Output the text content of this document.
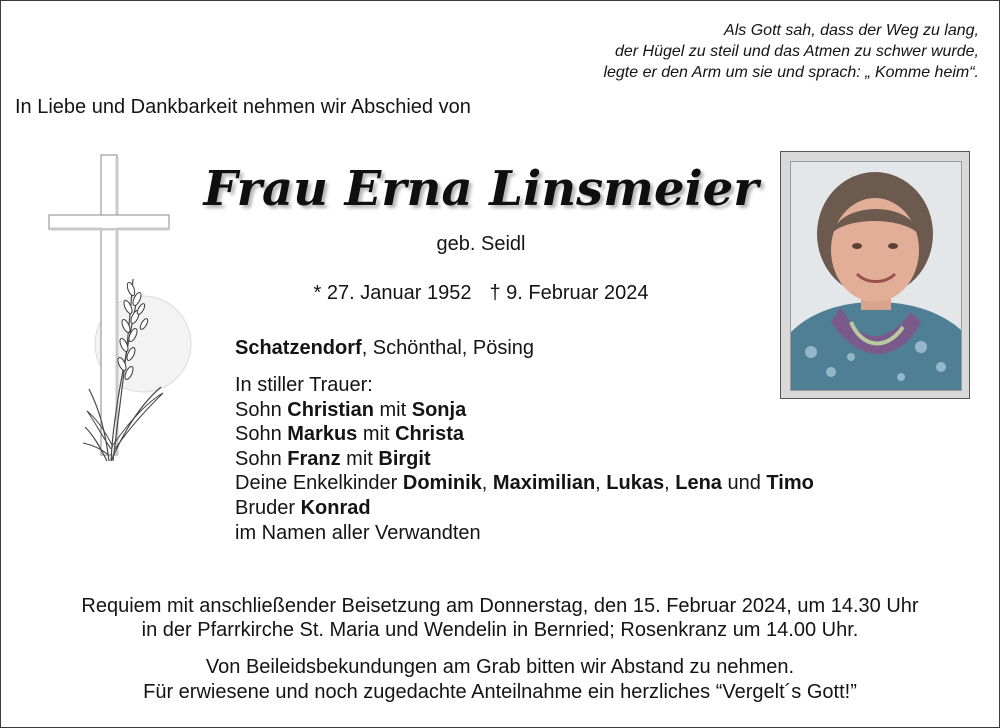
Als Gott sah, dass der Weg zu lang,
der Hügel zu steil und das Atmen zu schwer wurde,
legte er den Arm um sie und sprach: „ Komme heim“.
In Liebe und Dankbarkeit nehmen wir Abschied von
Frau Erna Linsmeier
geb. Seidl
* 27. Januar 1952 † 9. Februar 2024
Schatzendorf, Schönthal, Pösing
In stiller Trauer:
Sohn Christian mit Sonja
Sohn Markus mit Christa
Sohn Franz mit Birgit
Deine Enkelkinder Dominik, Maximilian, Lukas, Lena und Timo
Bruder Konrad
im Namen aller Verwandten
Requiem mit anschließender Beisetzung am Donnerstag, den 15. Februar 2024, um 14.30 Uhr
in der Pfarrkirche St. Maria und Wendelin in Bernried; Rosenkranz um 14.00 Uhr.
Von Beileidsbekundungen am Grab bitten wir Abstand zu nehmen.
Für erwiesene und noch zugedachte Anteilnahme ein herzliches “Vergelt´s Gott!”
